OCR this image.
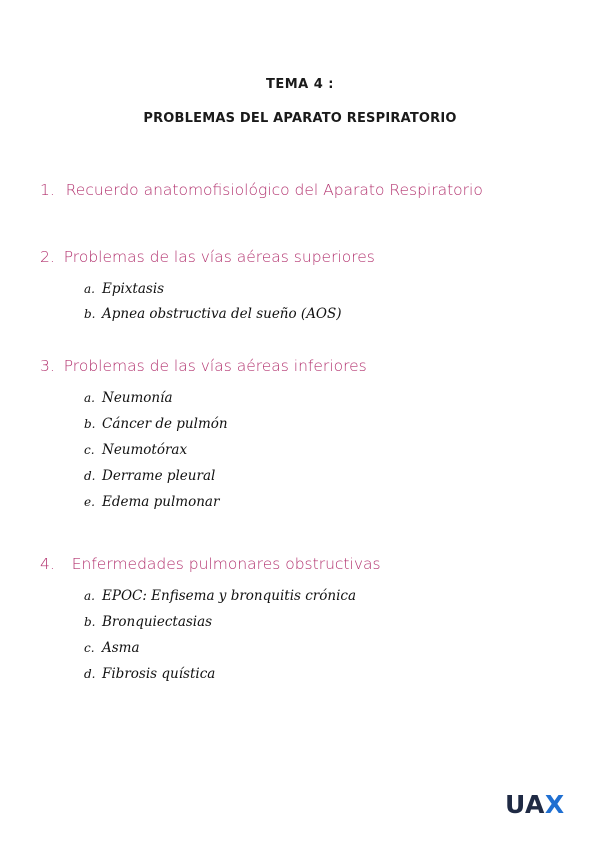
TEMA 4 :
PROBLEMAS DEL APARATO RESPIRATORIO
1. Recuerdo anatomofisiológico del Aparato Respiratorio
2. Problemas de las vías aéreas superiores
a. Epixtasis
b. Apnea obstructiva del sueño (AOS)
3. Problemas de las vías aéreas inferiores
a. Neumonía
b. Cáncer de pulmón
c. Neumotórax
d. Derrame pleural
e. Edema pulmonar
4. Enfermedades pulmonares obstructivas
a. EPOC: Enfisema y bronquitis crónica
b. Bronquiectasias
c. Asma
d. Fibrosis quística
UAX
